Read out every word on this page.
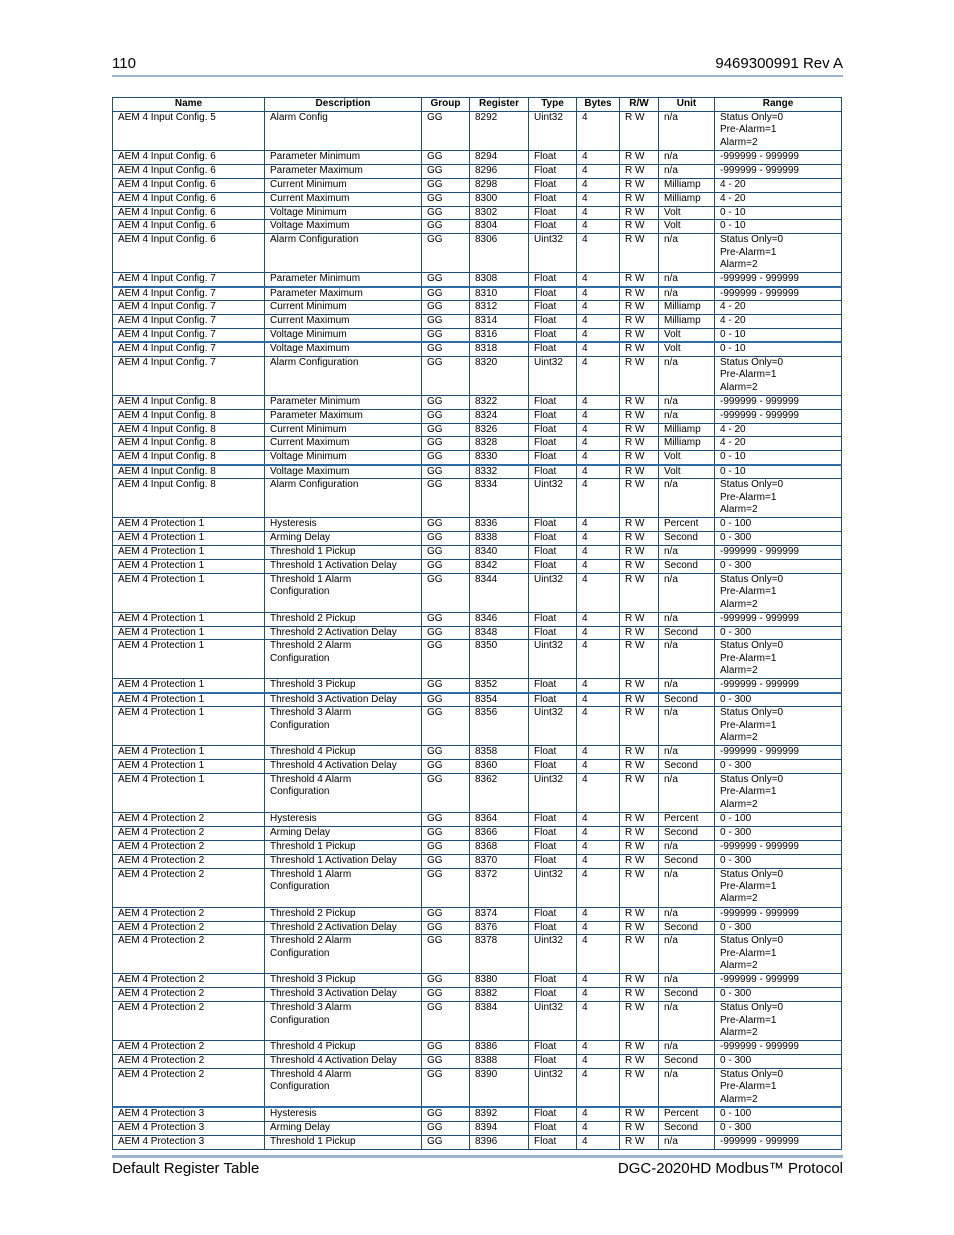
110	9469300991 Rev A
Name	Description	Group	Register	Type	Bytes	R/W	Unit	Range
AEM 4 Input Config. 5	Alarm Config	GG	8292	Uint32	4	R W	n/a	Status Only=0
Pre-Alarm=1
Alarm=2
AEM 4 Input Config. 6	Parameter Minimum	GG	8294	Float	4	R W	n/a	-999999 - 999999
AEM 4 Input Config. 6	Parameter Maximum	GG	8296	Float	4	R W	n/a	-999999 - 999999
AEM 4 Input Config. 6	Current Minimum	GG	8298	Float	4	R W	Milliamp	4 - 20
AEM 4 Input Config. 6	Current Maximum	GG	8300	Float	4	R W	Milliamp	4 - 20
AEM 4 Input Config. 6	Voltage Minimum	GG	8302	Float	4	R W	Volt	0 - 10
AEM 4 Input Config. 6	Voltage Maximum	GG	8304	Float	4	R W	Volt	0 - 10
AEM 4 Input Config. 6	Alarm Configuration	GG	8306	Uint32	4	R W	n/a	Status Only=0
Pre-Alarm=1
Alarm=2
AEM 4 Input Config. 7	Parameter Minimum	GG	8308	Float	4	R W	n/a	-999999 - 999999
AEM 4 Input Config. 7	Parameter Maximum	GG	8310	Float	4	R W	n/a	-999999 - 999999
AEM 4 Input Config. 7	Current Minimum	GG	8312	Float	4	R W	Milliamp	4 - 20
AEM 4 Input Config. 7	Current Maximum	GG	8314	Float	4	R W	Milliamp	4 - 20
AEM 4 Input Config. 7	Voltage Minimum	GG	8316	Float	4	R W	Volt	0 - 10
AEM 4 Input Config. 7	Voltage Maximum	GG	8318	Float	4	R W	Volt	0 - 10
AEM 4 Input Config. 7	Alarm Configuration	GG	8320	Uint32	4	R W	n/a	Status Only=0
Pre-Alarm=1
Alarm=2
AEM 4 Input Config. 8	Parameter Minimum	GG	8322	Float	4	R W	n/a	-999999 - 999999
AEM 4 Input Config. 8	Parameter Maximum	GG	8324	Float	4	R W	n/a	-999999 - 999999
AEM 4 Input Config. 8	Current Minimum	GG	8326	Float	4	R W	Milliamp	4 - 20
AEM 4 Input Config. 8	Current Maximum	GG	8328	Float	4	R W	Milliamp	4 - 20
AEM 4 Input Config. 8	Voltage Minimum	GG	8330	Float	4	R W	Volt	0 - 10
AEM 4 Input Config. 8	Voltage Maximum	GG	8332	Float	4	R W	Volt	0 - 10
AEM 4 Input Config. 8	Alarm Configuration	GG	8334	Uint32	4	R W	n/a	Status Only=0
Pre-Alarm=1
Alarm=2
AEM 4 Protection 1	Hysteresis	GG	8336	Float	4	R W	Percent	0 - 100
AEM 4 Protection 1	Arming Delay	GG	8338	Float	4	R W	Second	0 - 300
AEM 4 Protection 1	Threshold 1 Pickup	GG	8340	Float	4	R W	n/a	-999999 - 999999
AEM 4 Protection 1	Threshold 1 Activation Delay	GG	8342	Float	4	R W	Second	0 - 300
AEM 4 Protection 1	Threshold 1 Alarm
Configuration	GG	8344	Uint32	4	R W	n/a	Status Only=0
Pre-Alarm=1
Alarm=2
AEM 4 Protection 1	Threshold 2 Pickup	GG	8346	Float	4	R W	n/a	-999999 - 999999
AEM 4 Protection 1	Threshold 2 Activation Delay	GG	8348	Float	4	R W	Second	0 - 300
AEM 4 Protection 1	Threshold 2 Alarm
Configuration	GG	8350	Uint32	4	R W	n/a	Status Only=0
Pre-Alarm=1
Alarm=2
AEM 4 Protection 1	Threshold 3 Pickup	GG	8352	Float	4	R W	n/a	-999999 - 999999
AEM 4 Protection 1	Threshold 3 Activation Delay	GG	8354	Float	4	R W	Second	0 - 300
AEM 4 Protection 1	Threshold 3 Alarm
Configuration	GG	8356	Uint32	4	R W	n/a	Status Only=0
Pre-Alarm=1
Alarm=2
AEM 4 Protection 1	Threshold 4 Pickup	GG	8358	Float	4	R W	n/a	-999999 - 999999
AEM 4 Protection 1	Threshold 4 Activation Delay	GG	8360	Float	4	R W	Second	0 - 300
AEM 4 Protection 1	Threshold 4 Alarm
Configuration	GG	8362	Uint32	4	R W	n/a	Status Only=0
Pre-Alarm=1
Alarm=2
AEM 4 Protection 2	Hysteresis	GG	8364	Float	4	R W	Percent	0 - 100
AEM 4 Protection 2	Arming Delay	GG	8366	Float	4	R W	Second	0 - 300
AEM 4 Protection 2	Threshold 1 Pickup	GG	8368	Float	4	R W	n/a	-999999 - 999999
AEM 4 Protection 2	Threshold 1 Activation Delay	GG	8370	Float	4	R W	Second	0 - 300
AEM 4 Protection 2	Threshold 1 Alarm
Configuration	GG	8372	Uint32	4	R W	n/a	Status Only=0
Pre-Alarm=1
Alarm=2
AEM 4 Protection 2	Threshold 2 Pickup	GG	8374	Float	4	R W	n/a	-999999 - 999999
AEM 4 Protection 2	Threshold 2 Activation Delay	GG	8376	Float	4	R W	Second	0 - 300
AEM 4 Protection 2	Threshold 2 Alarm
Configuration	GG	8378	Uint32	4	R W	n/a	Status Only=0
Pre-Alarm=1
Alarm=2
AEM 4 Protection 2	Threshold 3 Pickup	GG	8380	Float	4	R W	n/a	-999999 - 999999
AEM 4 Protection 2	Threshold 3 Activation Delay	GG	8382	Float	4	R W	Second	0 - 300
AEM 4 Protection 2	Threshold 3 Alarm
Configuration	GG	8384	Uint32	4	R W	n/a	Status Only=0
Pre-Alarm=1
Alarm=2
AEM 4 Protection 2	Threshold 4 Pickup	GG	8386	Float	4	R W	n/a	-999999 - 999999
AEM 4 Protection 2	Threshold 4 Activation Delay	GG	8388	Float	4	R W	Second	0 - 300
AEM 4 Protection 2	Threshold 4 Alarm
Configuration	GG	8390	Uint32	4	R W	n/a	Status Only=0
Pre-Alarm=1
Alarm=2
AEM 4 Protection 3	Hysteresis	GG	8392	Float	4	R W	Percent	0 - 100
AEM 4 Protection 3	Arming Delay	GG	8394	Float	4	R W	Second	0 - 300
AEM 4 Protection 3	Threshold 1 Pickup	GG	8396	Float	4	R W	n/a	-999999 - 999999
Default Register Table	DGC-2020HD Modbus™ Protocol
